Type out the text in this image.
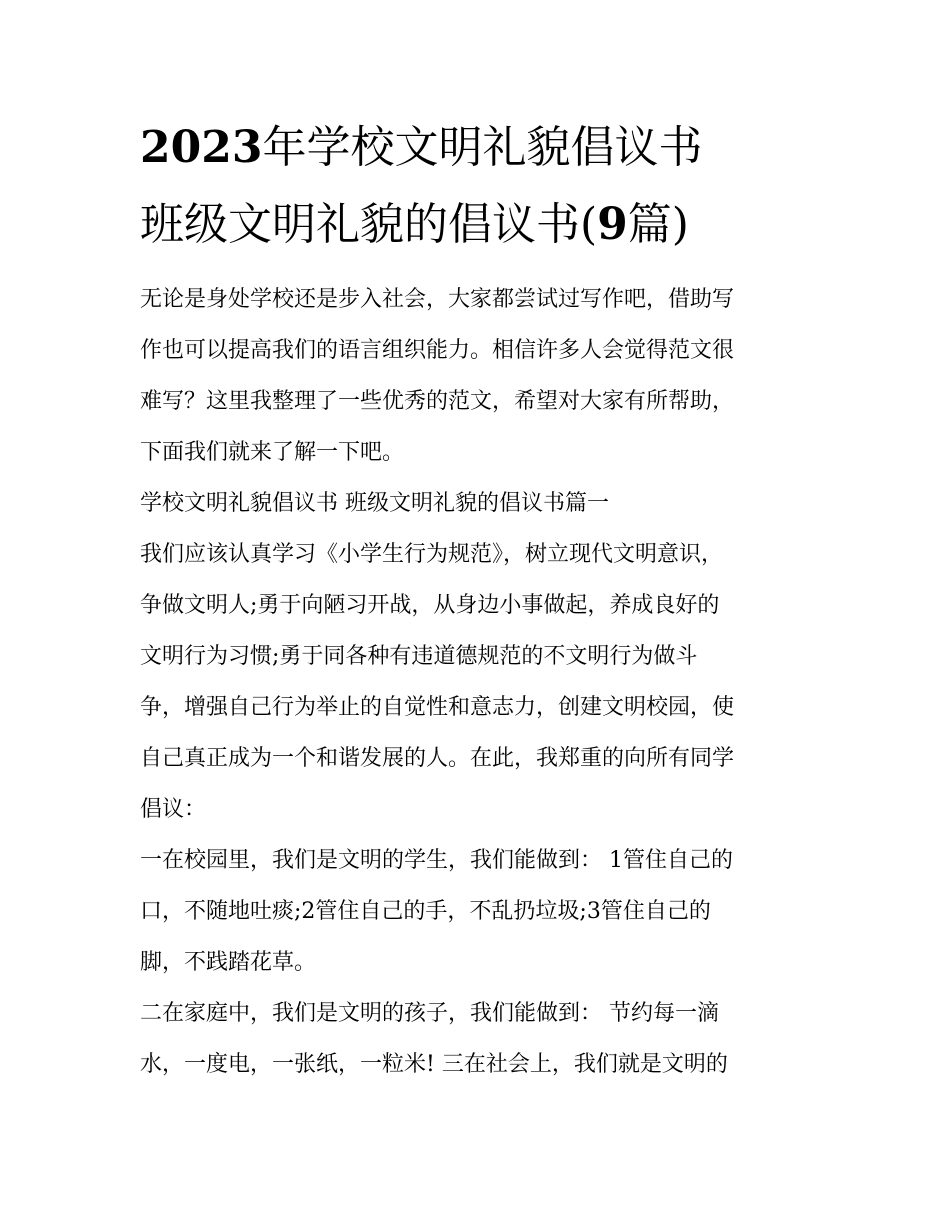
2023年学校文明礼貌倡议书
班级文明礼貌的倡议书(9篇)

无论是身处学校还是步入社会，大家都尝试过写作吧，借助写

作也可以提高我们的语言组织能力。相信许多人会觉得范文很

难写？这里我整理了一些优秀的范文，希望对大家有所帮助，

下面我们就来了解一下吧。

学校文明礼貌倡议书 班级文明礼貌的倡议书篇一

我们应该认真学习《小学生行为规范》，树立现代文明意识，

争做文明人;勇于向陋习开战，从身边小事做起，养成良好的

文明行为习惯;勇于同各种有违道德规范的不文明行为做斗

争，增强自己行为举止的自觉性和意志力，创建文明校园，使

自己真正成为一个和谐发展的人。在此，我郑重的向所有同学

倡议：

一在校园里，我们是文明的学生，我们能做到： 1管住自己的

口，不随地吐痰;2管住自己的手，不乱扔垃圾;3管住自己的

脚，不践踏花草。

二在家庭中，我们是文明的孩子，我们能做到： 节约每一滴

水，一度电，一张纸，一粒米! 三在社会上，我们就是文明的
